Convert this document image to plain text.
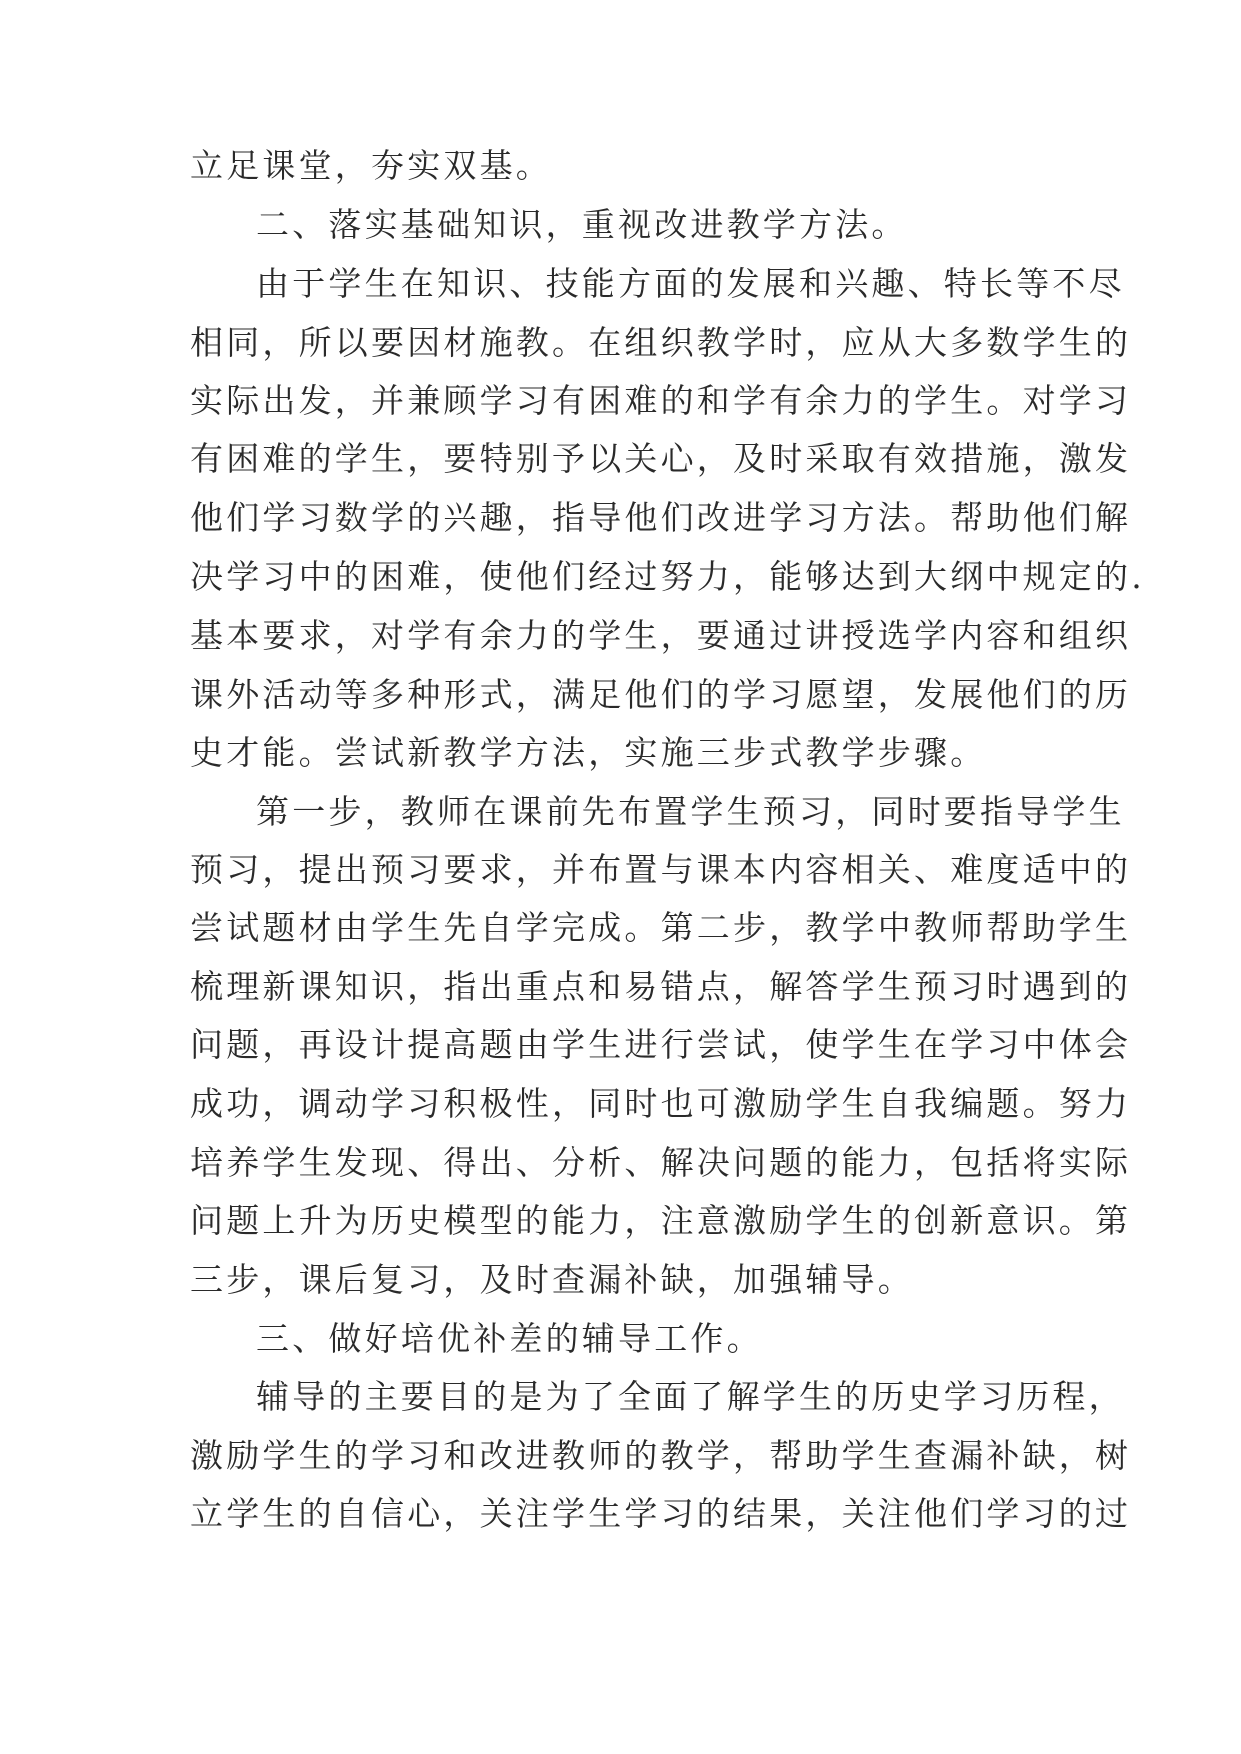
立足课堂，夯实双基。
二、落实基础知识，重视改进教学方法。
由于学生在知识、技能方面的发展和兴趣、特长等不尽
相同，所以要因材施教。在组织教学时，应从大多数学生的
实际出发，并兼顾学习有困难的和学有余力的学生。对学习
有困难的学生，要特别予以关心，及时采取有效措施，激发
他们学习数学的兴趣，指导他们改进学习方法。帮助他们解
决学习中的困难，使他们经过努力，能够达到大纲中规定的.
基本要求，对学有余力的学生，要通过讲授选学内容和组织
课外活动等多种形式，满足他们的学习愿望，发展他们的历
史才能。尝试新教学方法，实施三步式教学步骤。
第一步，教师在课前先布置学生预习，同时要指导学生
预习，提出预习要求，并布置与课本内容相关、难度适中的
尝试题材由学生先自学完成。第二步，教学中教师帮助学生
梳理新课知识，指出重点和易错点，解答学生预习时遇到的
问题，再设计提高题由学生进行尝试，使学生在学习中体会
成功，调动学习积极性，同时也可激励学生自我编题。努力
培养学生发现、得出、分析、解决问题的能力，包括将实际
问题上升为历史模型的能力，注意激励学生的创新意识。第
三步，课后复习，及时查漏补缺，加强辅导。
三、做好培优补差的辅导工作。
辅导的主要目的是为了全面了解学生的历史学习历程，
激励学生的学习和改进教师的教学，帮助学生查漏补缺，树
立学生的自信心，关注学生学习的结果，关注他们学习的过
